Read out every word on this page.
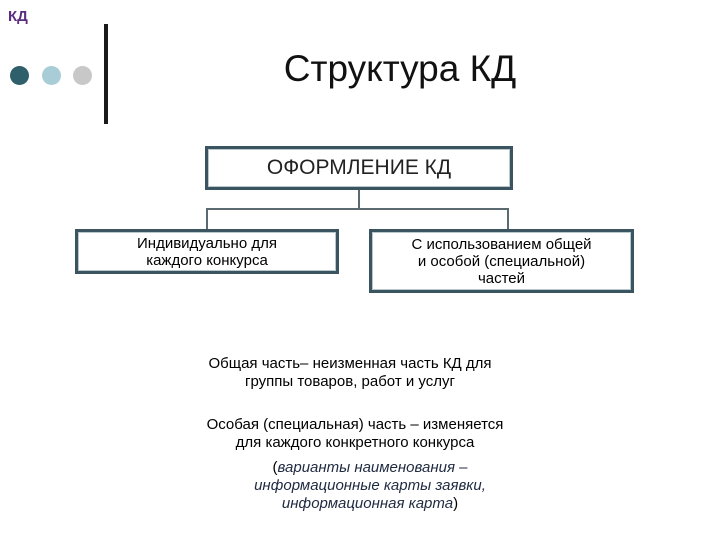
КД
Структура КД
ОФОРМЛЕНИЕ КД
Индивидуально для
каждого конкурса
С использованием общей
и особой (специальной)
частей
Общая часть– неизменная часть КД для
группы товаров, работ и услуг
Особая (специальная) часть – изменяется
для каждого конкретного конкурса
(варианты наименования –
информационные карты заявки,
информационная карта)
